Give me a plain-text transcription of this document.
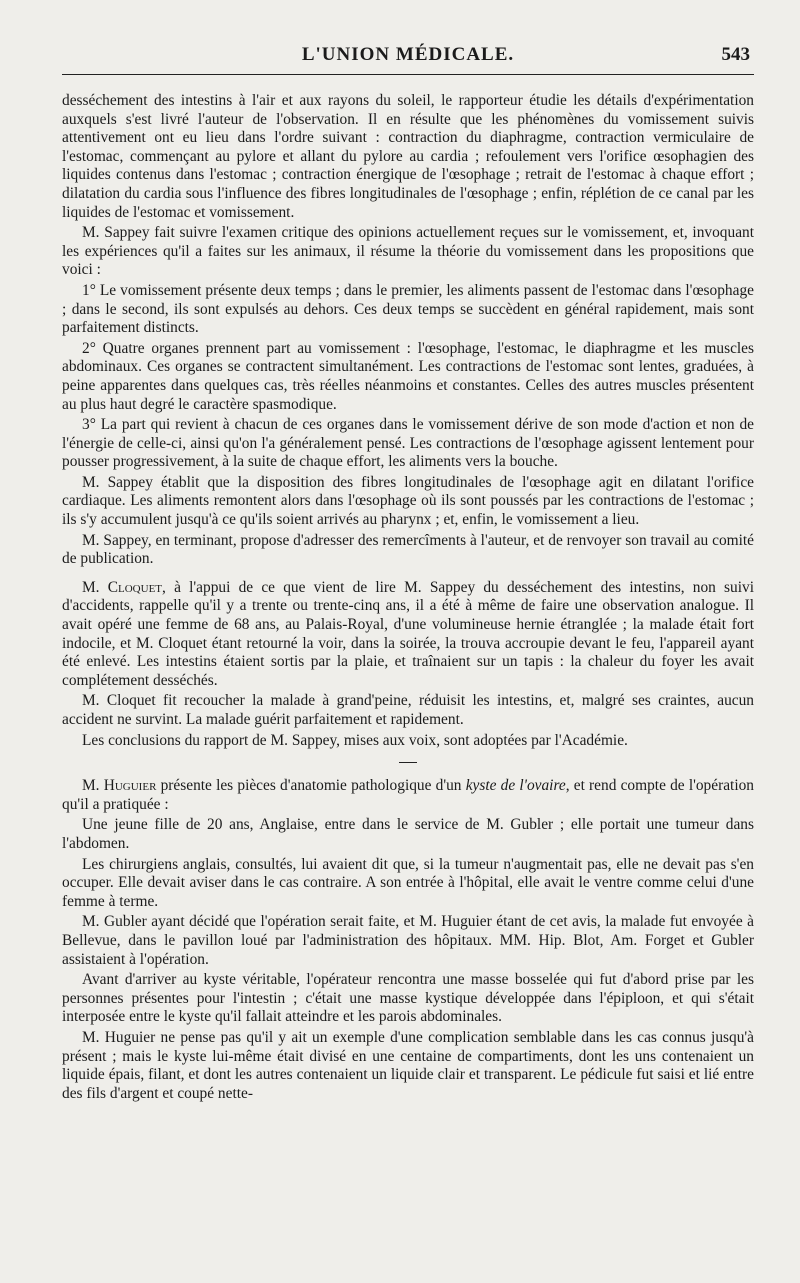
L'UNION MÉDICALE.	543

desséchement des intestins à l'air et aux rayons du soleil, le rapporteur étudie les détails d'expérimentation auxquels s'est livré l'auteur de l'observation. Il en résulte que les phénomènes du vomissement suivis attentivement ont eu lieu dans l'ordre suivant : contraction du diaphragme, contraction vermiculaire de l'estomac, commençant au pylore et allant du pylore au cardia ; refoulement vers l'orifice œsophagien des liquides contenus dans l'estomac ; contraction énergique de l'œsophage ; retrait de l'estomac à chaque effort ; dilatation du cardia sous l'influence des fibres longitudinales de l'œsophage ; enfin, réplétion de ce canal par les liquides de l'estomac et vomissement.

M. Sappey fait suivre l'examen critique des opinions actuellement reçues sur le vomissement, et, invoquant les expériences qu'il a faites sur les animaux, il résume la théorie du vomissement dans les propositions que voici :

1° Le vomissement présente deux temps ; dans le premier, les aliments passent de l'estomac dans l'œsophage ; dans le second, ils sont expulsés au dehors. Ces deux temps se succèdent en général rapidement, mais sont parfaitement distincts.

2° Quatre organes prennent part au vomissement : l'œsophage, l'estomac, le diaphragme et les muscles abdominaux. Ces organes se contractent simultanément. Les contractions de l'estomac sont lentes, graduées, à peine apparentes dans quelques cas, très réelles néanmoins et constantes. Celles des autres muscles présentent au plus haut degré le caractère spasmodique.

3° La part qui revient à chacun de ces organes dans le vomissement dérive de son mode d'action et non de l'énergie de celle-ci, ainsi qu'on l'a généralement pensé. Les contractions de l'œsophage agissent lentement pour pousser progressivement, à la suite de chaque effort, les aliments vers la bouche.

M. Sappey établit que la disposition des fibres longitudinales de l'œsophage agit en dilatant l'orifice cardiaque. Les aliments remontent alors dans l'œsophage où ils sont poussés par les contractions de l'estomac ; ils s'y accumulent jusqu'à ce qu'ils soient arrivés au pharynx ; et, enfin, le vomissement a lieu.

M. Sappey, en terminant, propose d'adresser des remercîments à l'auteur, et de renvoyer son travail au comité de publication.

M. Cloquet, à l'appui de ce que vient de lire M. Sappey du desséchement des intestins, non suivi d'accidents, rappelle qu'il y a trente ou trente-cinq ans, il a été à même de faire une observation analogue. Il avait opéré une femme de 68 ans, au Palais-Royal, d'une volumineuse hernie étranglée ; la malade était fort indocile, et M. Cloquet étant retourné la voir, dans la soirée, la trouva accroupie devant le feu, l'appareil ayant été enlevé. Les intestins étaient sortis par la plaie, et traînaient sur un tapis : la chaleur du foyer les avait complétement desséchés.

M. Cloquet fit recoucher la malade à grand'peine, réduisit les intestins, et, malgré ses craintes, aucun accident ne survint. La malade guérit parfaitement et rapidement.

Les conclusions du rapport de M. Sappey, mises aux voix, sont adoptées par l'Académie.

M. Huguier présente les pièces d'anatomie pathologique d'un kyste de l'ovaire, et rend compte de l'opération qu'il a pratiquée :

Une jeune fille de 20 ans, Anglaise, entre dans le service de M. Gubler ; elle portait une tumeur dans l'abdomen.

Les chirurgiens anglais, consultés, lui avaient dit que, si la tumeur n'augmentait pas, elle ne devait pas s'en occuper. Elle devait aviser dans le cas contraire. A son entrée à l'hôpital, elle avait le ventre comme celui d'une femme à terme.

M. Gubler ayant décidé que l'opération serait faite, et M. Huguier étant de cet avis, la malade fut envoyée à Bellevue, dans le pavillon loué par l'administration des hôpitaux. MM. Hip. Blot, Am. Forget et Gubler assistaient à l'opération.

Avant d'arriver au kyste véritable, l'opérateur rencontra une masse bosselée qui fut d'abord prise par les personnes présentes pour l'intestin ; c'était une masse kystique développée dans l'épiploon, et qui s'était interposée entre le kyste qu'il fallait atteindre et les parois abdominales.

M. Huguier ne pense pas qu'il y ait un exemple d'une complication semblable dans les cas connus jusqu'à présent ; mais le kyste lui-même était divisé en une centaine de compartiments, dont les uns contenaient un liquide épais, filant, et dont les autres contenaient un liquide clair et transparent. Le pédicule fut saisi et lié entre des fils d'argent et coupé nette-
